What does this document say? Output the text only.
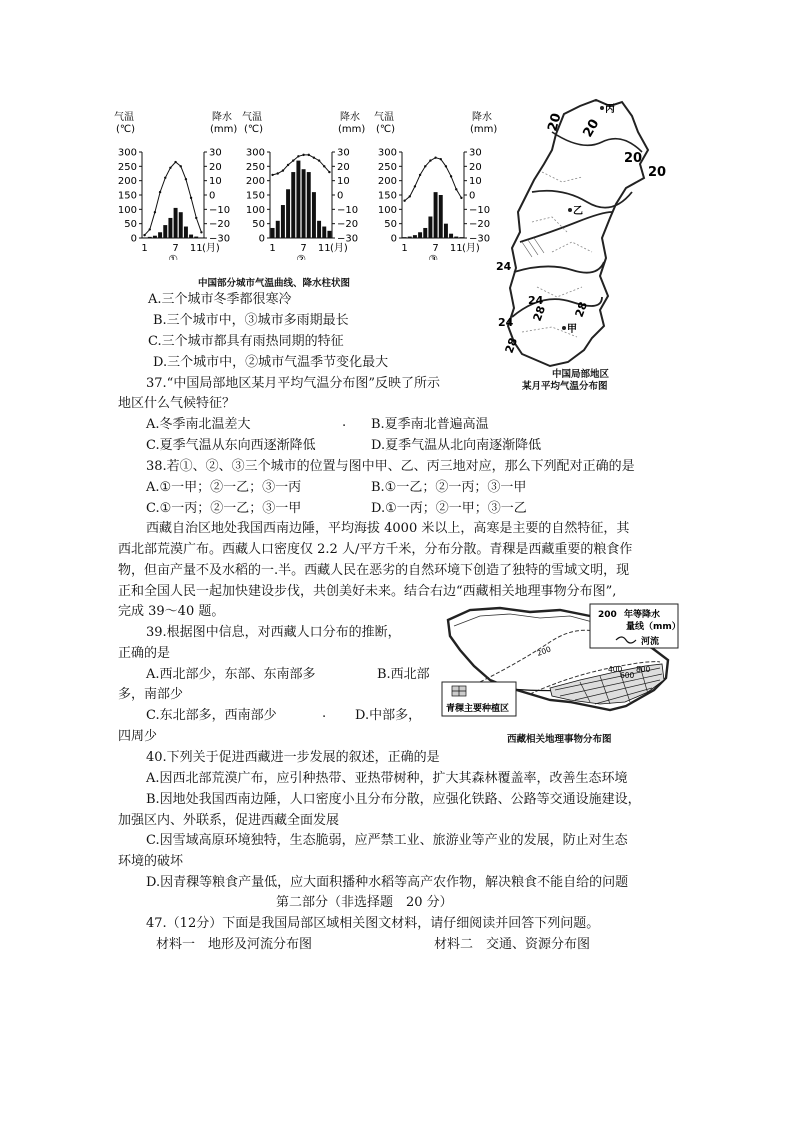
气温
(℃)
降水
(mm)
300
250
200
150
100
50
0
30
20
10
0
−10
−20
−30
1 7 11 (月)
①
气温
(℃)
降水
(mm)
300
250
200
150
100
50
0
30
20
10
0
−10
−20
−30
1 7 11 (月)
②
气温
(℃)
降水
(mm)
300
250
200
150
100
50
0
30
20
10
0
−10
−20
−30
1 7 11 (月)
③
中国部分城市气温曲线、降水柱状图
20 20
20
20
24
24 28 28
24
28
丙
乙
甲
中国局部地区
某月平均气温分布图
A.三个城市冬季都很寒冷
B.三个城市中，③城市多雨期最长
C.三个城市都具有雨热同期的特征
D.三个城市中，②城市气温季节变化最大
37.“中国局部地区某月平均气温分布图”反映了所示
地区什么气候特征？
A.冬季南北温差大	. B.夏季南北普遍高温
C.夏季气温从东向西逐渐降低	D.夏季气温从北向南逐渐降低
38.若①、②、③三个城市的位置与图中甲、乙、丙三地对应，那么下列配对正确的是
A.①一甲；②一乙；③一丙	B.①一乙；②一丙；③一甲
C.①一丙；②一乙；③一甲	D.①一丙；②一甲；③一乙
西藏自治区地处我国西南边陲，平均海拔 4000 米以上，高寒是主要的自然特征，其
西北部荒漠广布。西藏人口密度仅 2.2 人/平方千米，分布分散。青稞是西藏重要的粮食作
物，但亩产量不及水稻的一.半。西藏人民在恶劣的自然环境下创造了独特的雪域文明，现
正和全国人民一起加快建设步伐，共创美好未来。结合右边“西藏相关地理事物分布图”,
完成 39～40 题。	200 年等降水
量线（mm）
河流
青稞主要种植区
200
400
600
800
西藏相关地理事物分布图
39.根据图中信息，对西藏人口分布的推断，
正确的是
A.西北部少，东部、东南部多	B.西北部
多，南部少
C.东北部多，西南部少	. D.中部多，
四周少
40.下列关于促进西藏进一步发展的叙述，正确的是
A.因西北部荒漠广布，应引种热带、亚热带树种，扩大其森林覆盖率，改善生态环境
B.因地处我国西南边陲，人口密度小且分布分散，应强化铁路、公路等交通设施建设，
加强区内、外联系，促进西藏全面发展
C.因雪域高原环境独特，生态脆弱，应严禁工业、旅游业等产业的发展，防止对生态
环境的破坏
D.因青稞等粮食产量低，应大面积播种水稻等高产农作物，解决粮食不能自给的问题
第二部分（非选择题　20 分）
47.（12分）下面是我国局部区域相关图文材料，请仔细阅读并回答下列问题。
材料一　地形及河流分布图	材料二　交通、资源分布图
